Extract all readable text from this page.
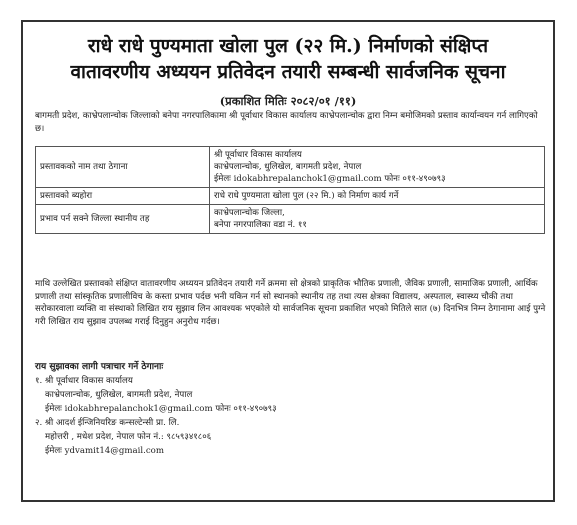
राधे राधे पुण्यमाता खोला पुल (२२ मि.) निर्माणको संक्षिप्त
वातावरणीय अध्ययन प्रतिवेदन तयारी सम्बन्धी सार्वजनिक सूचना
(प्रकाशित मितिः २०८२/०१ /११)
बागमती प्रदेश, काभ्रेपलान्चोक जिल्लाको बनेपा नगरपालिकामा श्री पूर्वाधार विकास कार्यालय काभ्रेपलान्चोक द्वारा निम्न बमोजिमको प्रस्ताव कार्यान्वयन गर्न लागिएको छ।
प्रस्तावकको नाम तथा ठेगाना	श्री पूर्वाधार विकास कार्यालय
काभ्रेपलान्चोक, धुलिखेल, बागमती प्रदेश, नेपाल
ईमेलः idokabhrepalanchok1@gmail.com फोनः ०११-४९०७९३

प्रस्तावको ब्यहोरा	राधे राधे पुण्यमाता खोला पुल (२२ मि.) को निर्माण कार्य गर्ने

प्रभाव पर्न सक्ने जिल्ला स्थानीय तह	काभ्रेपलान्चोक जिल्ला,
बनेपा नगरपालिका वडा नं. ११
माथि उल्लेखित प्रस्तावको संक्षिप्त वातावरणीय अध्ययन प्रतिवेदन तयारी गर्ने क्रममा सो क्षेत्रको प्राकृतिक भौतिक प्रणाली, जैविक प्रणाली, सामाजिक प्रणाली, आर्थिक प्रणाली तथा सांस्कृतिक प्रणालीविच के कस्ता प्रभाव पर्दछ भनी यकिन गर्न सो स्थानको स्थानीय तह तथा त्यस क्षेत्रका विद्यालय, अस्पताल, स्वास्थ्य चौकी तथा सरोकारवाला व्यक्ति वा संस्थाको लिखित राय सुझाव लिन आवश्यक भएकोले यो सार्वजनिक सूचना प्रकाशित भएको मितिले सात (७) दिनभित्र निम्न ठेगानामा आई पुग्ने गरी लिखित राय सुझाव उपलब्ध गराई दिनुहुन अनुरोध गर्दछ।
राय सुझावका लागी पत्राचार गर्ने ठेगानाः
१. श्री पूर्वाधार विकास कार्यालय
काभ्रेपलान्चोक, धुलिखेल, बागमती प्रदेश, नेपाल
ईमेलः idokabhrepalanchok1@gmail.com फोनः ०११-४९०७९३
२. श्री आदर्श ईन्जिनियरिङ कन्सल्टेन्सी प्रा. लि.
महोत्तरी , मधेश प्रदेश, नेपाल फोन नं.: ९८५९३४१८०६
ईमेलः ydvamit14@gmail.com
